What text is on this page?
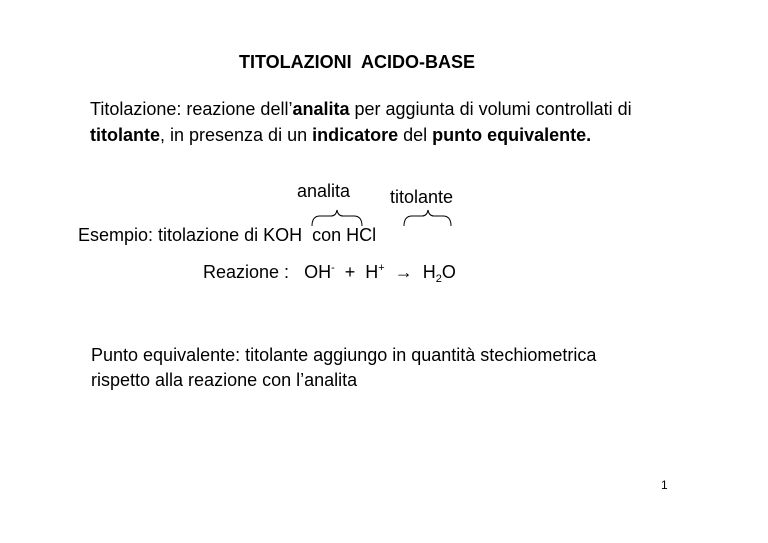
TITOLAZIONI  ACIDO-BASE
Titolazione: reazione dell’analita per aggiunta di volumi controllati di titolante, in presenza di un indicatore del punto equivalente.
analita titolante
Esempio: titolazione di KOH  con HCl
Reazione : $OH^- + H^+ \to H_2O$
Punto equivalente: titolante aggiungo in quantità stechiometrica rispetto alla reazione con l’analita
1
